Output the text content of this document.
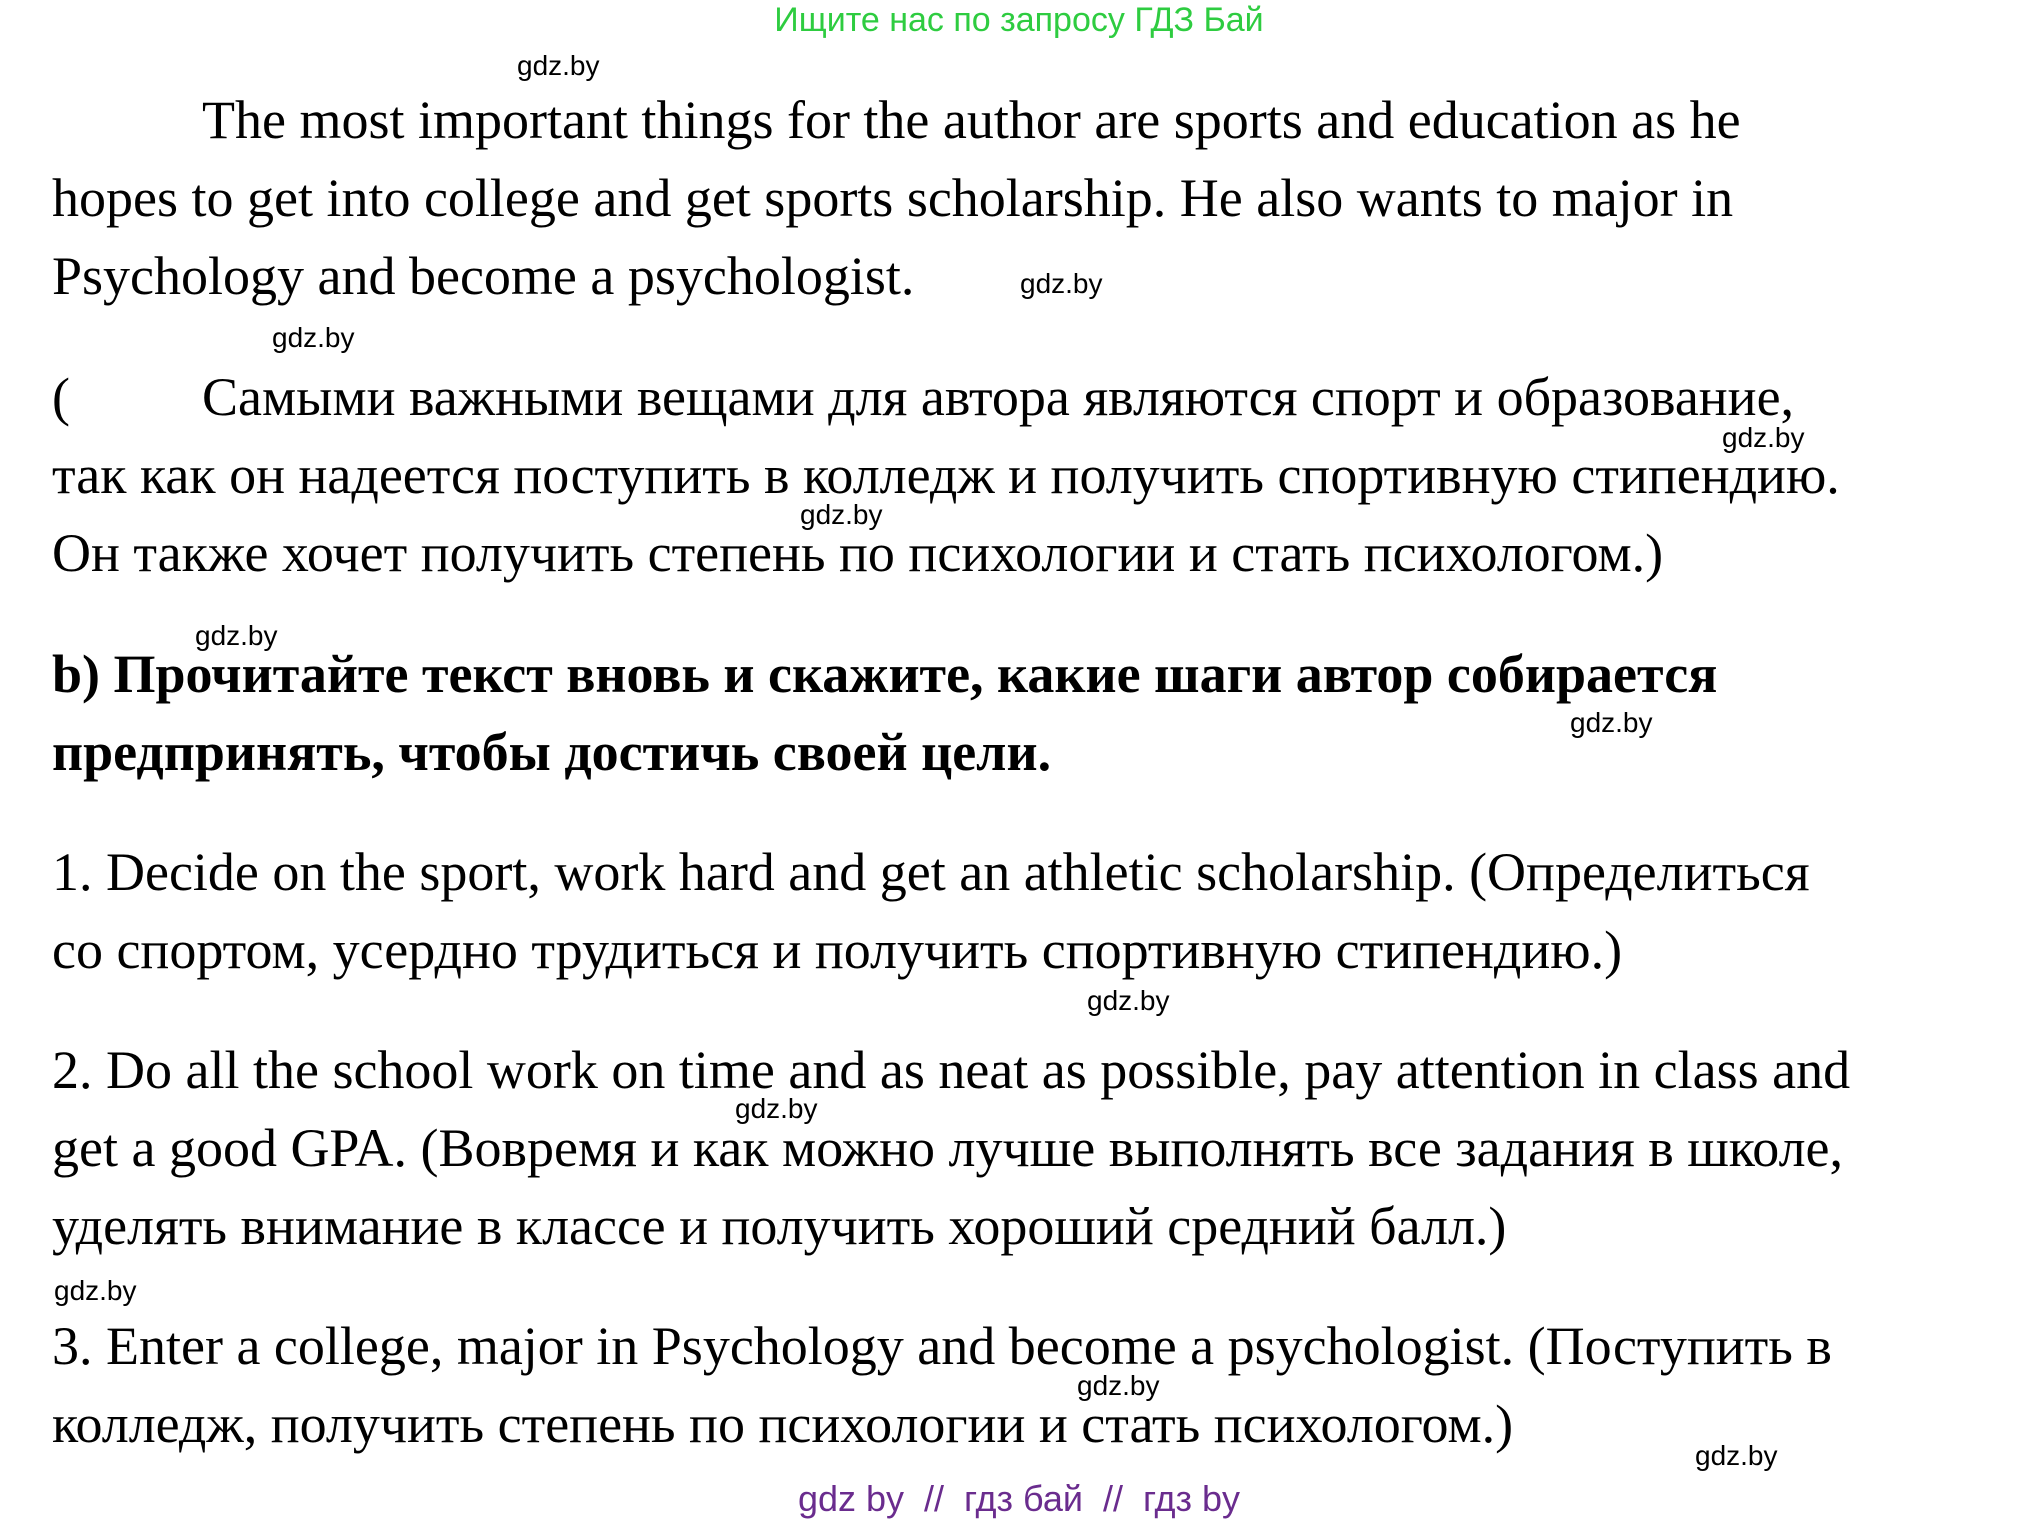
Ищите нас по запросу ГДЗ Бай
The most important things for the author are sports and education as he
hopes to get into college and get sports scholarship. He also wants to major in
Psychology and become a psychologist.
( Самыми важными вещами для автора являются спорт и образование,
так как он надеется поступить в колледж и получить спортивную стипендию.
Он также хочет получить степень по психологии и стать психологом.)
b) Прочитайте текст вновь и скажите, какие шаги автор собирается
предпринять, чтобы достичь своей цели.
1. Decide on the sport, work hard and get an athletic scholarship. (Определиться
со спортом, усердно трудиться и получить спортивную стипендию.)
2. Do all the school work on time and as neat as possible, pay attention in class and
get a good GPA. (Вовремя и как можно лучше выполнять все задания в школе,
уделять внимание в классе и получить хороший средний балл.)
3. Enter a college, major in Psychology and become a psychologist. (Поступить в
колледж, получить степень по психологии и стать психологом.)
gdz.by
gdz.by
gdz.by
gdz.by
gdz.by
gdz.by
gdz.by
gdz.by
gdz.by
gdz.by
gdz.by
gdz.by
gdz by  //  гдз бай  //  гдз by
